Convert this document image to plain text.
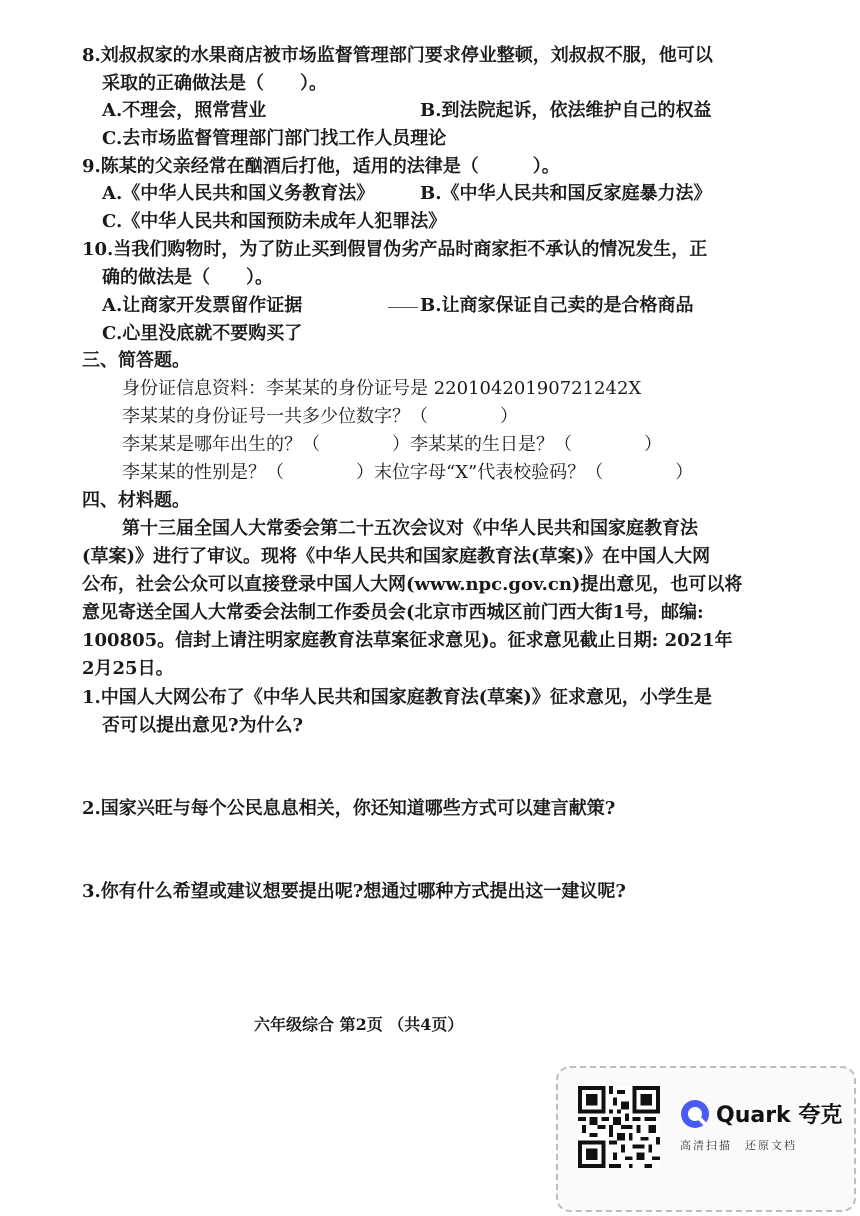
8.刘叔叔家的水果商店被市场监督管理部门要求停业整顿，刘叔叔不服，他可以
采取的正确做法是（　　）。
A.不理会，照常营业	B.到法院起诉，依法维护自己的权益
C.去市场监督管理部门部门找工作人员理论
9.陈某的父亲经常在酗酒后打他，适用的法律是（　　　）。
A.《中华人民共和国义务教育法》	B.《中华人民共和国反家庭暴力法》
C.《中华人民共和国预防未成年人犯罪法》
10.当我们购物时，为了防止买到假冒伪劣产品时商家拒不承认的情况发生，正
确的做法是（　　）。
A.让商家开发票留作证据	B.让商家保证自己卖的是合格商品
C.心里没底就不要购买了
三、简答题。
身份证信息资料：李某某的身份证号是 22010420190721242X
李某某的身份证号一共多少位数字？（　　　　）
李某某是哪年出生的？（　　　　）李某某的生日是？（　　　　）
李某某的性别是？（　　　　）末位字母“X”代表校验码？（　　　　）
四、材料题。
第十三届全国人大常委会第二十五次会议对《中华人民共和国家庭教育法
(草案)》进行了审议。现将《中华人民共和国家庭教育法(草案)》在中国人大网
公布，社会公众可以直接登录中国人大网(www.npc.gov.cn)提出意见，也可以将
意见寄送全国人大常委会法制工作委员会(北京市西城区前门西大街1号，邮编:
100805。信封上请注明家庭教育法草案征求意见)。征求意见截止日期: 2021年
2月25日。
1.中国人大网公布了《中华人民共和国家庭教育法(草案)》征求意见，小学生是
否可以提出意见?为什么?
2.国家兴旺与每个公民息息相关，你还知道哪些方式可以建言献策?
3.你有什么希望或建议想要提出呢?想通过哪种方式提出这一建议呢?
六年级综合 第2页 （共4页）
Quark 夸克
高清扫描　还原文档
